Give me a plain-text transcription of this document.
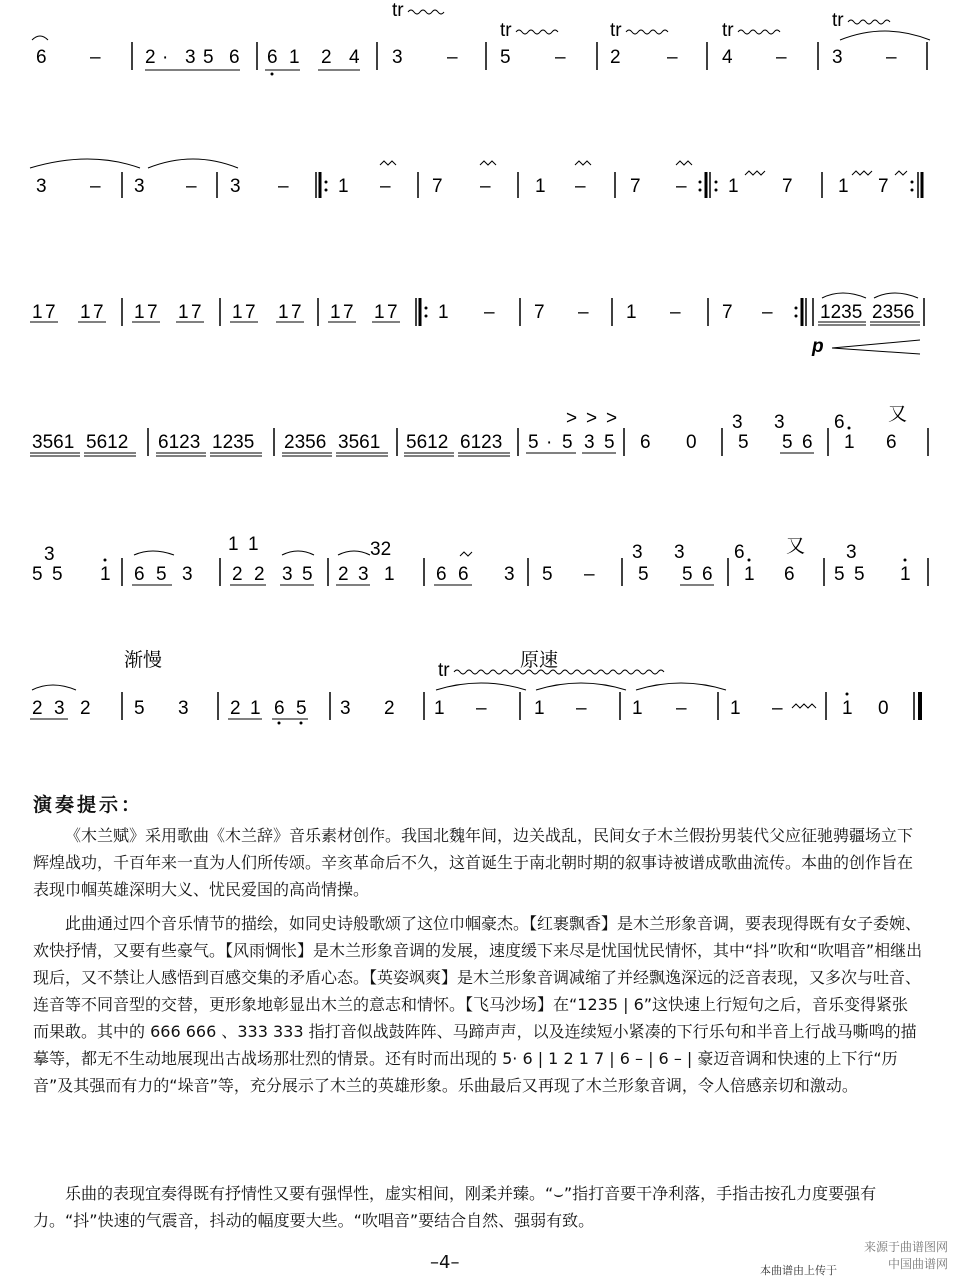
6 – 2 · 3 5 6 6 1 2 4 3 – 5 – 2 – 4 – 3 –
tr
tr	tr	tr	tr
3 – 3 – 3 –	1 – 7 – 1 – 7 – 1 7 1 7
1 7 1 7 1 7 1 7 1 7 1 7 1 7 1 7 1 – 7 – 1 – 7 – 1235 2356
p
3561 5612 6123 1235 2356 3561 5612 6123 5 · 5 3 5
> > >
6 0
3
5
3
5 6
6
1 6
又
5
3
5 1 6 5 3
1
2
1
2 3 5 2 3
32
1 6 6 3 5 –
3
5
3
5 6
6
1 6
又
5
3
5 1
渐慢	原速
tr
2 3 2 5 3 2 1 6 5 3 2 1 – 1 – 1 – 1 –	1 0
演奏提示：
《木兰赋》采用歌曲《木兰辞》音乐素材创作。我国北魏年间，边关战乱，民间女子木兰假扮男装代父应征驰骋疆场立下辉煌战功，千百年来一直为人们所传颂。辛亥革命后不久，这首诞生于南北朝时期的叙事诗被谱成歌曲流传。本曲的创作旨在表现巾帼英雄深明大义、忧民爱国的高尚情操。
此曲通过四个音乐情节的描绘，如同史诗般歌颂了这位巾帼豪杰。【红裹飘香】是木兰形象音调，要表现得既有女子委婉、欢快抒情，又要有些豪气。【风雨惆怅】是木兰形象音调的发展，速度缓下来尽是忧国忧民情怀，其中“抖”吹和“吹唱音”相继出现后，又不禁让人感悟到百感交集的矛盾心态。【英姿飒爽】是木兰形象音调减缩了并经飘逸深远的泛音表现，又多次与吐音、连音等不同音型的交替，更形象地彰显出木兰的意志和情怀。【飞马沙场】在“1235 | 6”这快速上行短句之后，音乐变得紧张而果敢。其中的 666 666 、333 333 指打音似战鼓阵阵、马蹄声声，以及连续短小紧凑的下行乐句和半音上行战马嘶鸣的描摹等，都无不生动地展现出古战场那壮烈的情景。还有时而出现的 5· 6 | 1 2 1 7 | 6 – | 6 – | 豪迈音调和快速的上下行“历音”及其强而有力的“垛音”等，充分展示了木兰的英雄形象。乐曲最后又再现了木兰形象音调，令人倍感亲切和激动。
乐曲的表现宜奏得既有抒情性又要有强悍性，虚实相间，刚柔并臻。“⌣”指打音要干净利落，手指击按孔力度要强有力。“抖”快速的气震音，抖动的幅度要大些。“吹唱音”要结合自然、强弱有致。
–4–	本曲谱由上传于
来源于曲谱图网
中国曲谱网
